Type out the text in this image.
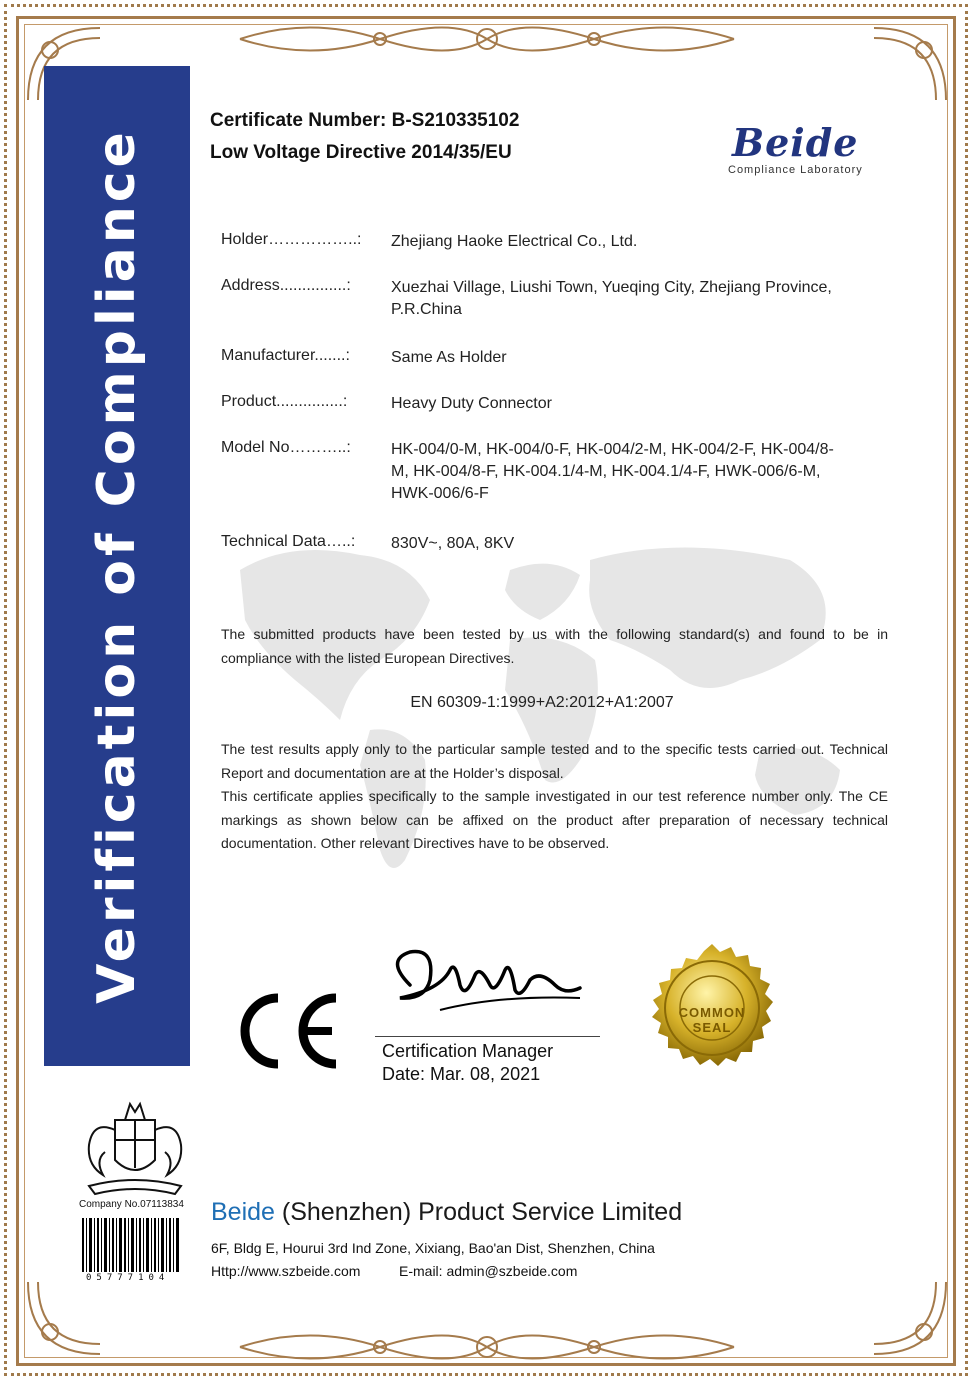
Verification of Compliance
Certificate Number: B-S210335102
Low Voltage Directive 2014/35/EU	Beide
Compliance Laboratory
Holder……………..: Zhejiang Haoke Electrical Co., Ltd.
Address...............:	Xuezhai Village, Liushi Town, Yueqing City, Zhejiang Province, P.R.China
Manufacturer.......:	Same As Holder
Product...............:	Heavy Duty Connector
Model No………..:	HK-004/0-M, HK-004/0-F, HK-004/2-M, HK-004/2-F, HK-004/8-M, HK-004/8-F, HK-004.1/4-M, HK-004.1/4-F, HWK-006/6-M, HWK-006/6-F
Technical Data…..: 830V~, 80A, 8KV
The submitted products have been tested by us with the following standard(s) and found to be in compliance with the listed European Directives.
EN 60309-1:1999+A2:2012+A1:2007
The test results apply only to the particular sample tested and to the specific tests carried out. Technical Report and documentation are at the Holder’s disposal.
This certificate applies specifically to the sample investigated in our test reference number only. The CE markings as shown below can be affixed on the product after preparation of necessary technical documentation. Other relevant Directives have to be observed.
Certification Manager
Date: Mar. 08, 2021
COMMON
SEAL
Company No.07113834
05777104
Beide (Shenzhen) Product Service Limited
6F, Bldg E, Hourui 3rd Ind Zone, Xixiang, Bao'an Dist, Shenzhen, China
Http://www.szbeide.com	E-mail: admin@szbeide.com
